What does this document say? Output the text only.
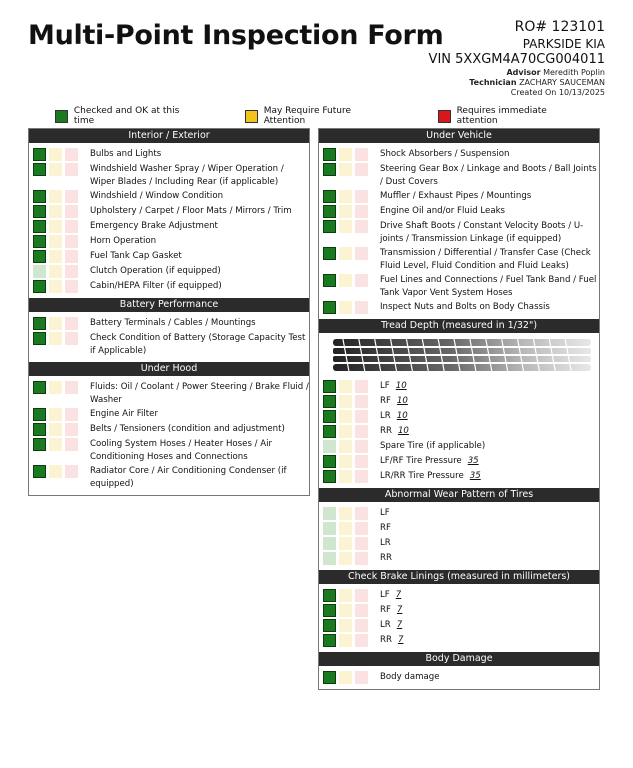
Multi-Point Inspection Form	RO# 123101
PARKSIDE KIA
VIN 5XXGM4A70CG004011
Advisor Meredith Poplin
Technician ZACHARY SAUCEMAN
Created On 10/13/2025
Checked and OK at this time
May Require Future Attention
Requires immediate attention
Interior / Exterior
Bulbs and Lights
Windshield Washer Spray / Wiper Operation / Wiper Blades / Including Rear (if applicable)
Windshield / Window Condition
Upholstery / Carpet / Floor Mats / Mirrors / Trim
Emergency Brake Adjustment
Horn Operation
Fuel Tank Cap Gasket
Clutch Operation (if equipped)
Cabin/HEPA Filter (if equipped)
Battery Performance
Battery Terminals / Cables / Mountings
Check Condition of Battery (Storage Capacity Test if Applicable)
Under Hood
Fluids: Oil / Coolant / Power Steering / Brake Fluid / Washer
Engine Air Filter
Belts / Tensioners (condition and adjustment)
Cooling System Hoses / Heater Hoses / Air Conditioning Hoses and Connections
Radiator Core / Air Conditioning Condenser (if equipped)
Under Vehicle
Shock Absorbers / Suspension
Steering Gear Box / Linkage and Boots / Ball Joints / Dust Covers
Muffler / Exhaust Pipes / Mountings
Engine Oil and/or Fluid Leaks
Drive Shaft Boots / Constant Velocity Boots / U-joints / Transmission Linkage (if equipped)
Transmission / Differential / Transfer Case (Check Fluid Level, Fluid Condition and Fluid Leaks)
Fuel Lines and Connections / Fuel Tank Band / Fuel Tank Vapor Vent System Hoses
Inspect Nuts and Bolts on Body Chassis
Tread Depth (measured in 1/32")
LF 10
RF 10
LR 10
RR 10
Spare Tire (if applicable)
LF/RF Tire Pressure 35
LR/RR Tire Pressure 35
Abnormal Wear Pattern of Tires
LF
RF
LR
RR
Check Brake Linings (measured in millimeters)
LF 7
RF 7
LR 7
RR 7
Body Damage
Body damage
